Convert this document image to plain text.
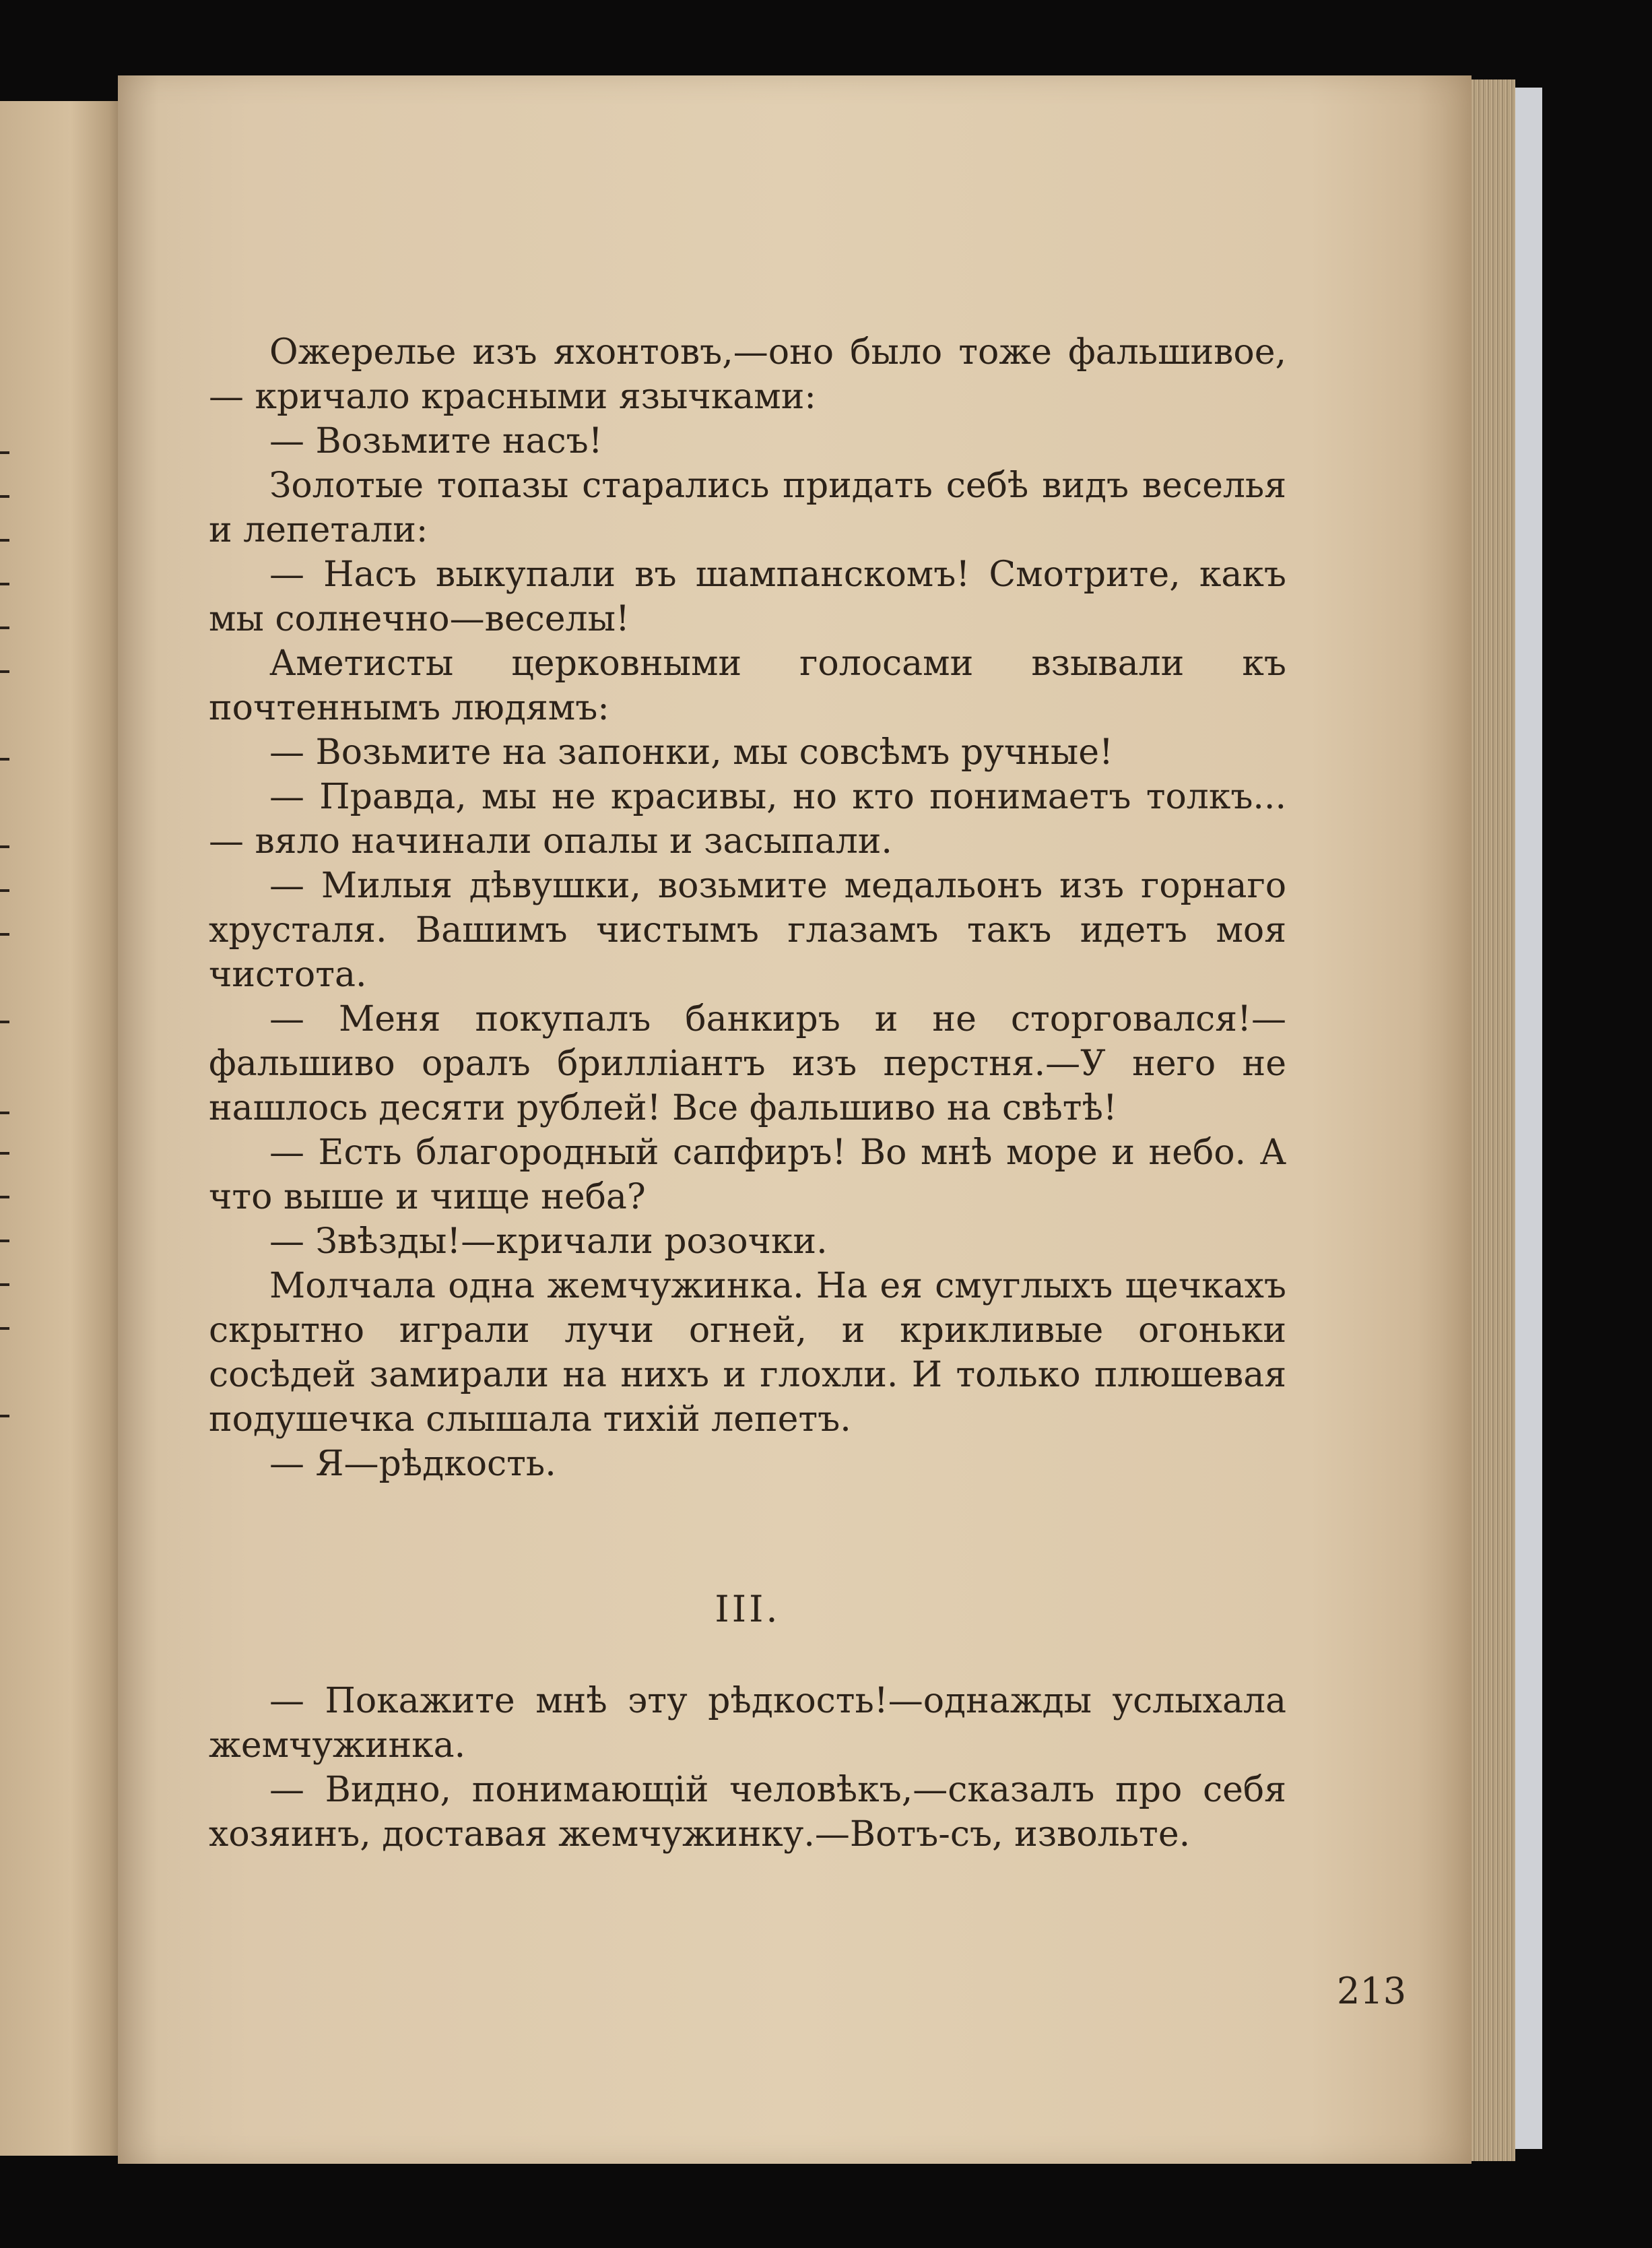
213

Ожерелье изъ яхонтовъ,—оно было тоже фальшивое,— кричало красными язычками:

— Возьмите насъ!

Золотые топазы старались придать себѣ видъ веселья и лепетали:

— Насъ выкупали въ шампанскомъ! Смотрите, какъ мы солнечно—веселы!

Аметисты церковными голосами взывали къ почтеннымъ людямъ:

— Возьмите на запонки, мы совсѣмъ ручные!

— Правда, мы не красивы, но кто понимаетъ толкъ...— вяло начинали опалы и засыпали.

— Милыя дѣвушки, возьмите медальонъ изъ горнаго хрусталя. Вашимъ чистымъ глазамъ такъ идетъ моя чистота.

— Меня покупалъ банкиръ и не сторговался!—фальшиво оралъ бриллiантъ изъ перстня.—У него не нашлось десяти рублей! Все фальшиво на свѣтѣ!

— Есть благородный сапфиръ! Во мнѣ море и небо. А что выше и чище неба?

— Звѣзды!—кричали розочки.

Молчала одна жемчужинка. На ея смуглыхъ щечкахъ скрытно играли лучи огней, и крикливые огоньки сосѣдей замирали на нихъ и глохли. И только плюшевая подушечка слышала тихiй лепетъ.

— Я—рѣдкость.

III.

— Покажите мнѣ эту рѣдкость!—однажды услыхала жемчужинка.

— Видно, понимающiй человѣкъ,—сказалъ про себя хозяинъ, доставая жемчужинку.—Вотъ-съ, извольте.
